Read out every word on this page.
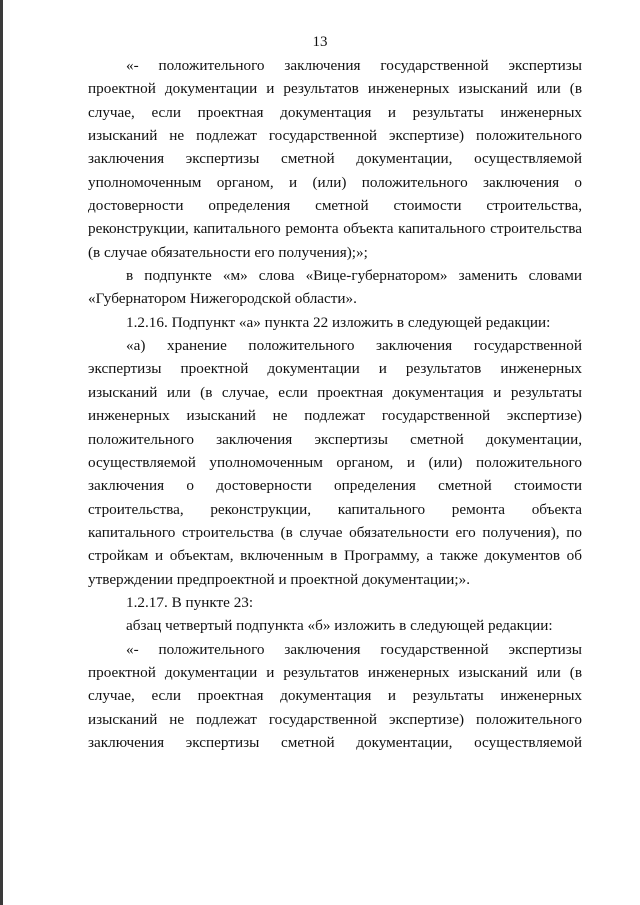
13
«- положительного заключения государственной экспертизы
проектной документации и результатов инженерных изысканий или (в
случае, если проектная документация и результаты инженерных
изысканий не подлежат государственной экспертизе) положительного
заключения экспертизы сметной документации, осуществляемой
уполномоченным органом, и (или) положительного заключения о
достоверности определения сметной стоимости строительства,
реконструкции, капитального ремонта объекта капитального строительства
(в случае обязательности его получения);»;
в подпункте «м» слова «Вице-губернатором» заменить словами
«Губернатором Нижегородской области».
1.2.16. Подпункт «а» пункта 22 изложить в следующей редакции:
«а) хранение положительного заключения государственной
экспертизы проектной документации и результатов инженерных
изысканий или (в случае, если проектная документация и результаты
инженерных изысканий не подлежат государственной экспертизе)
положительного заключения экспертизы сметной документации,
осуществляемой уполномоченным органом, и (или) положительного
заключения о достоверности определения сметной стоимости
строительства, реконструкции, капитального ремонта объекта
капитального строительства (в случае обязательности его получения), по
стройкам и объектам, включенным в Программу, а также документов об
утверждении предпроектной и проектной документации;».
1.2.17. В пункте 23:
абзац четвертый подпункта «б» изложить в следующей редакции:
«- положительного заключения государственной экспертизы
проектной документации и результатов инженерных изысканий или (в
случае, если проектная документация и результаты инженерных
изысканий не подлежат государственной экспертизе) положительного
заключения экспертизы сметной документации, осуществляемой
